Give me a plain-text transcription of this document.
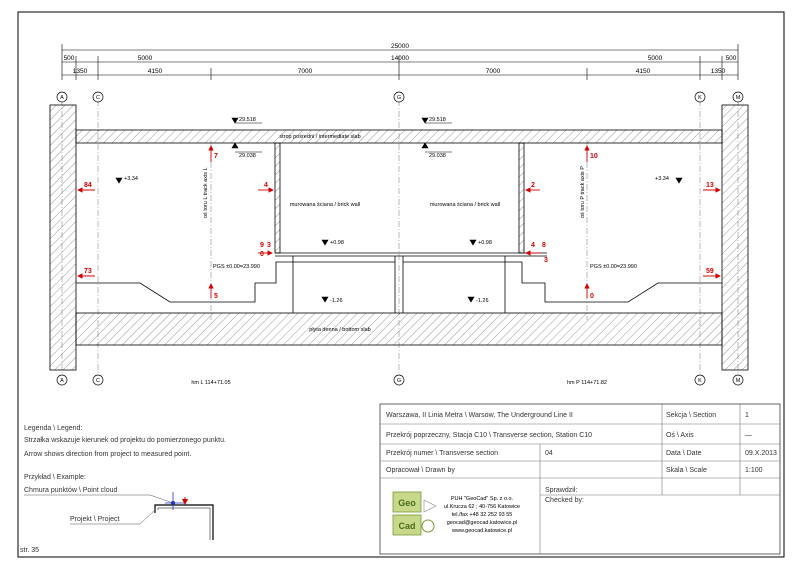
25000
500	5000	14000	5000	500
1350	4150	7000	7000	4150	1350
A	C	G	K	M
A	C	G	K	M
strop pośredni / intermediate slab
płyta denna / bottom slab
murowana ściana / brick wall	murowana ściana / brick wall
oś toru L track axis L	oś toru P track axis P
hm L 114+71.05	hm P 114+71.82
29.518
29.038
29.518
29.038
+3.34	+3.34
+0.98	+0.98
PGS ±0.00=23.990	PGS ±0.00=23.990
-1.26	-1.26
84
73
7
4
9
0
3
5
10
2
4 8
3
0
13
59
Legenda \ Legend:
Strzałka wskazuje kierunek od projektu do pomierzonego punktu.
Arrow shows direction from project to measured point.
Przykład \ Example:
Chmura punktów \ Point cloud
Projekt \ Project
str. 35
Warszawa, II Linia Metra \ Warsow, The Underground Line II	Sekcja \ Section	1
Przekrój poprzeczny, Stacja C10 \ Transverse section, Station C10	Oś \ Axis	—
Przekrój numer \ Transverse section	04	Data \ Date	09.X.2013
Opracował \ Drawn by	Skala \ Scale	1:100
Geo
Cad
PUH "GeoCad" Sp. z o.o.
ul.Kruczа 62 ; 40-756 Katowice
tel./fax +48 32 252 93 55
geocad@geocad.katowice.pl
www.geocad.katowice.pl
Sprawdził:
Checked by:
